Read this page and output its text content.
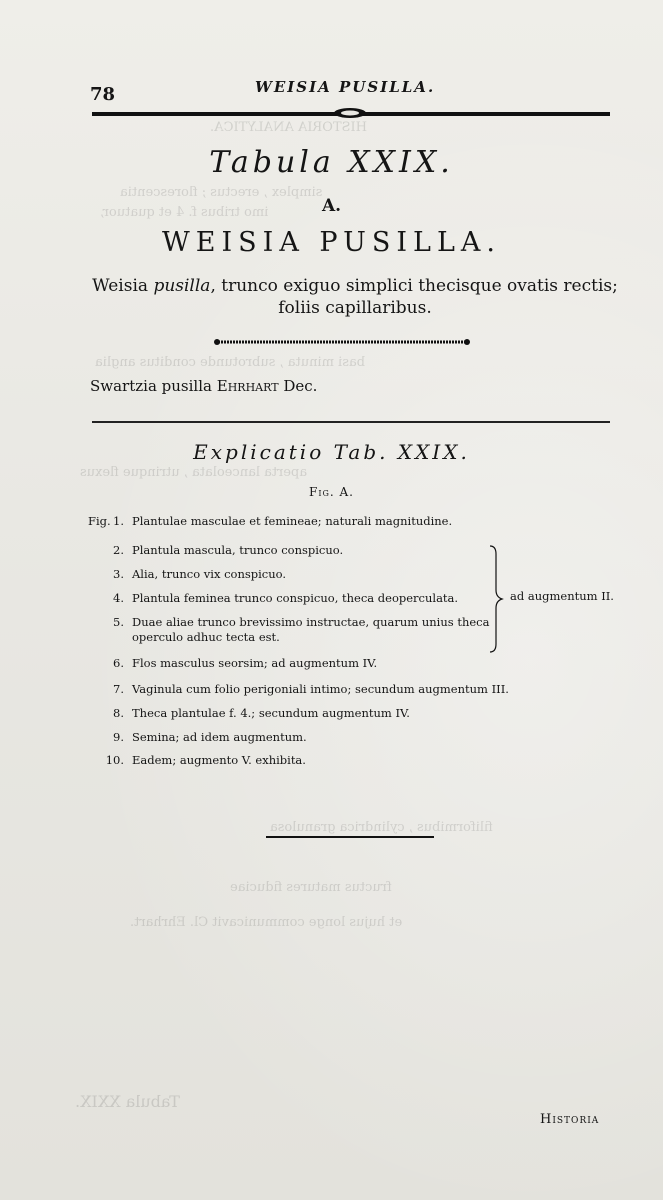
HISTORIA ANALYTICA.
simplex , erectus ; florescentia
imo tribus f. 4 et quatuor,
basi minuta , subrotunde conditus anglia
aperta lanceolata , utrinque flexus
filiformibus , cylindrica granulosa
fructus matures fiduciae
et hujus longe communicavit Cl. Ehrhart.
Tabula XXIX.
78	WEISIA PUSILLA.
Tabula XXIX.
A.
WEISIA PUSILLA.
Weisia pusilla, trunco exiguo simplici thecisque ovatis rectis;
foliis capillaribus.
Swartzia pusilla Ehrhart Dec.
Explicatio Tab. XXIX.
Fig. A.
Fig. 1. Plantulae masculae et femineae; naturali magnitudine.
2. Plantula mascula, trunco conspicuo.
3. Alia, trunco vix conspicuo.
4. Plantula feminea trunco conspicuo, theca deoperculata.
5. Duae aliae trunco brevissimo instructae, quarum unius theca
operculo adhuc tecta est.
6. Flos masculus seorsim; ad augmentum IV.
7. Vaginula cum folio perigoniali intimo; secundum augmentum III.
8. Theca plantulae f. 4.; secundum augmentum IV.
9. Semina; ad idem augmentum.
10. Eadem; augmento V. exhibita.
ad augmentum II.
Historia
